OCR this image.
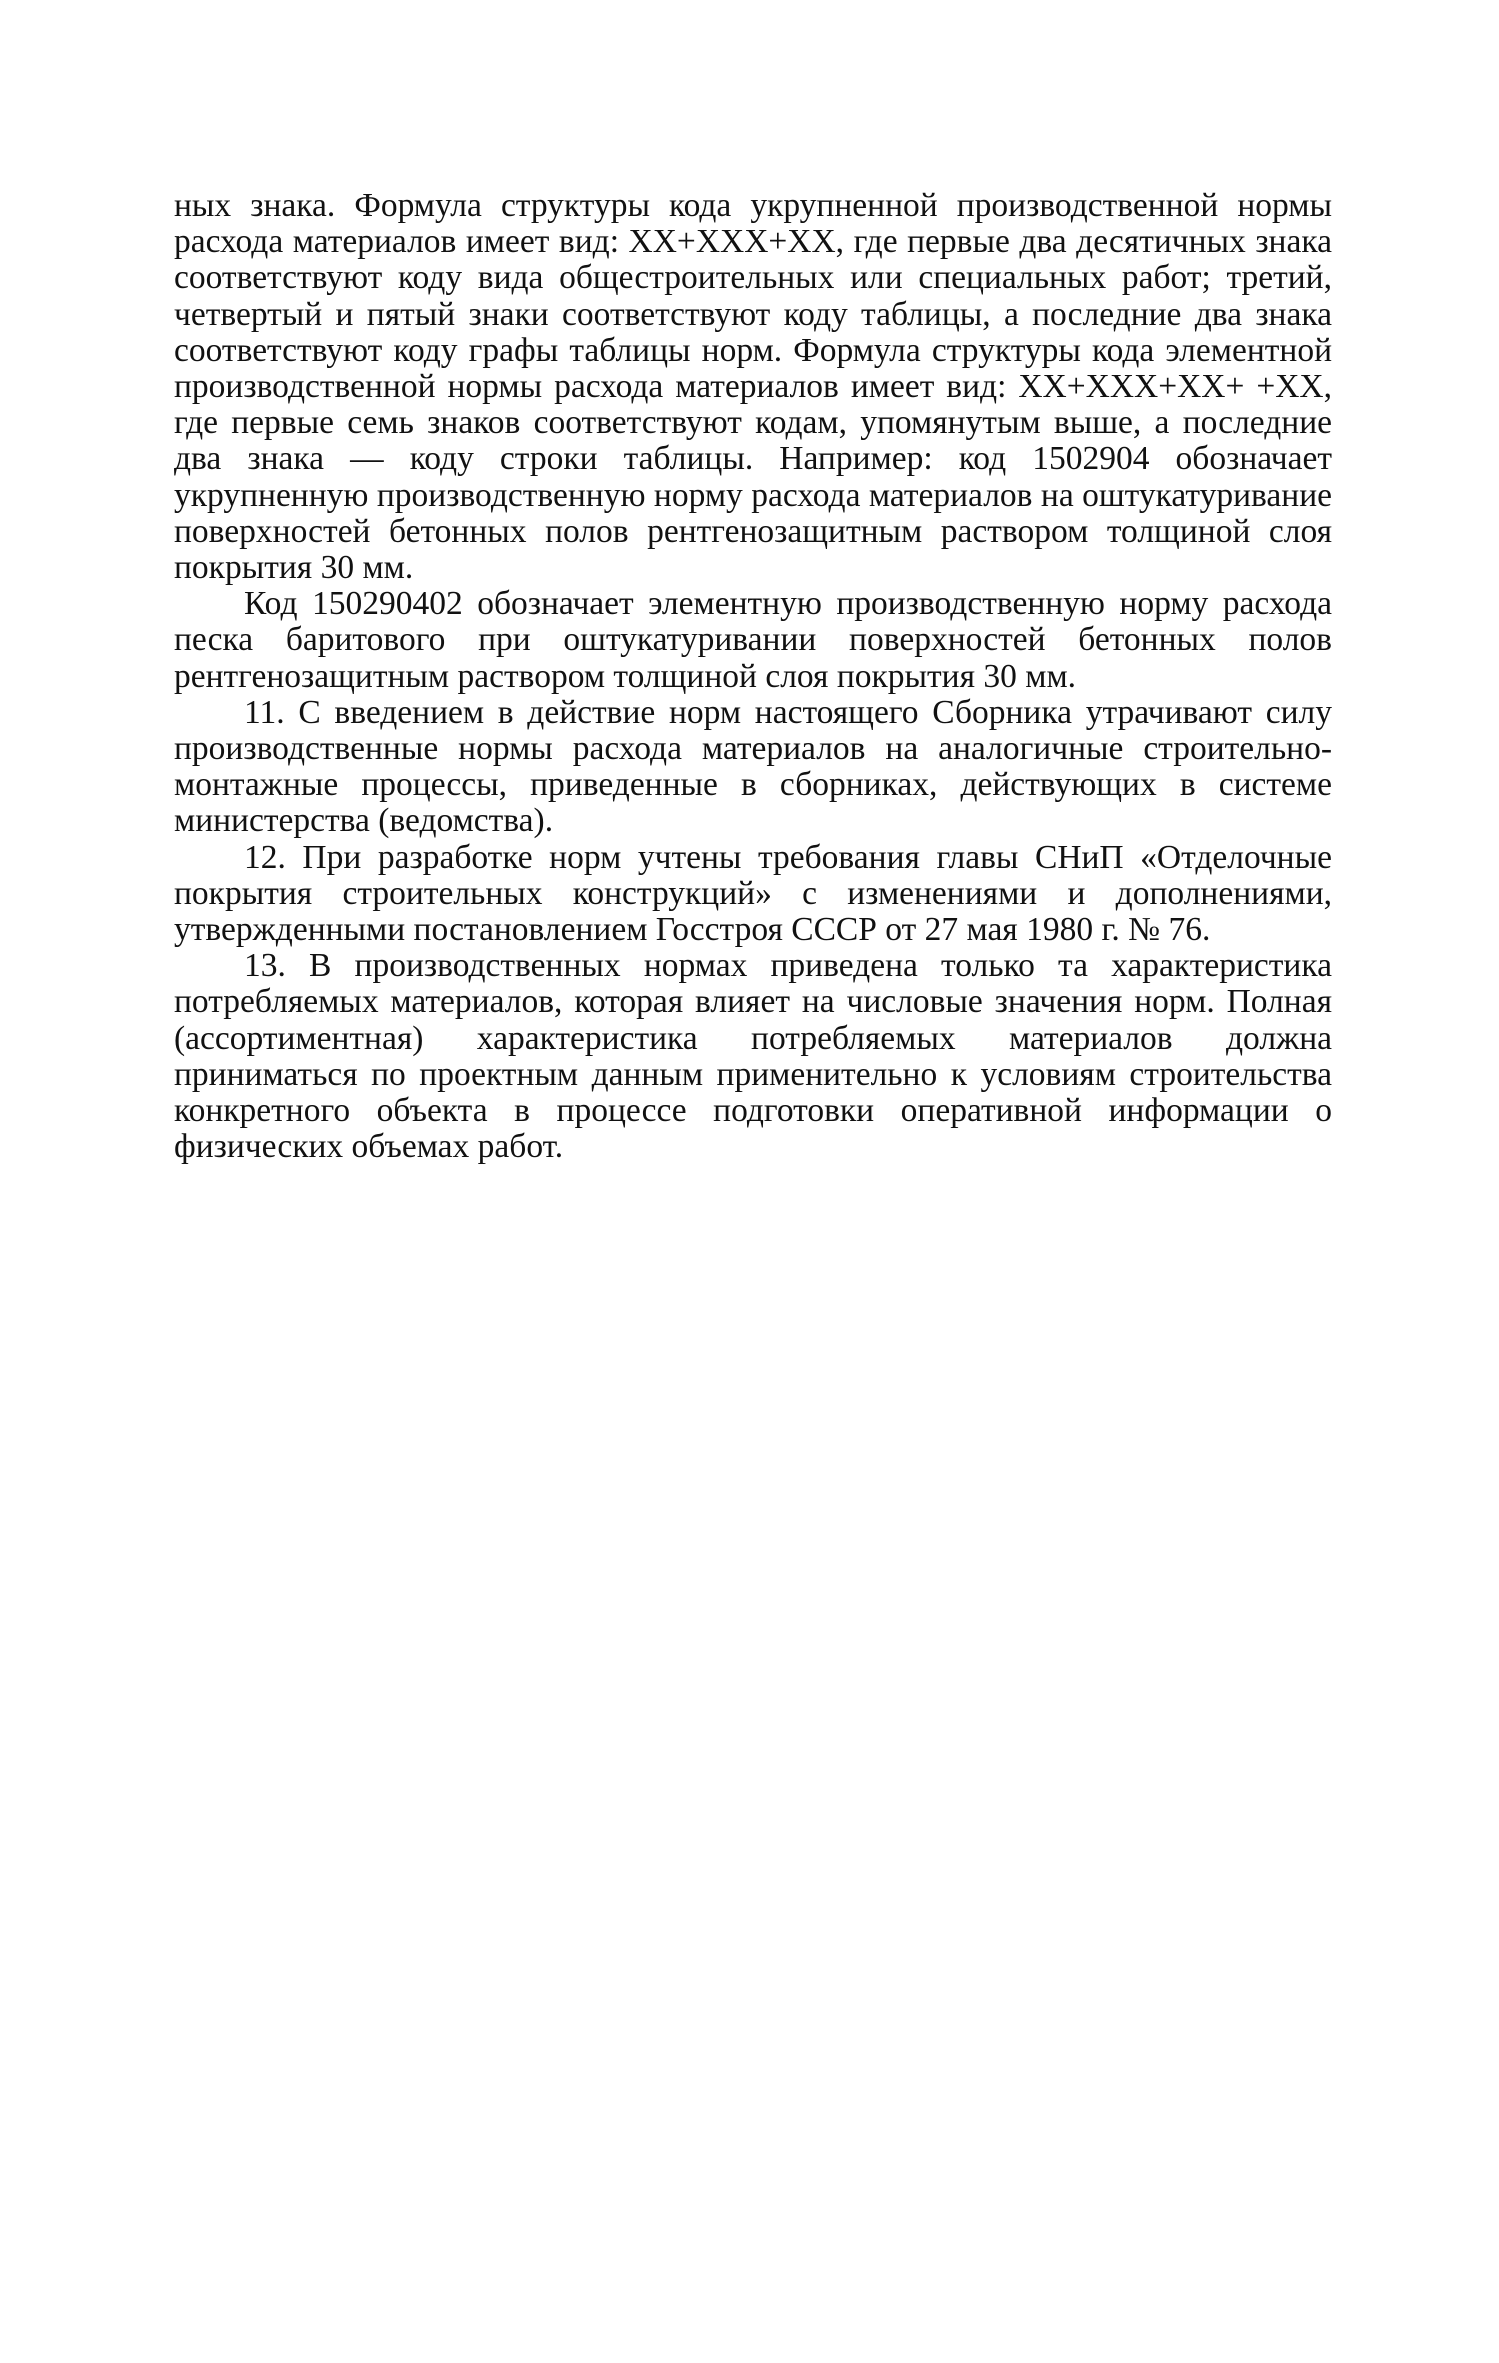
ных знака. Формула структуры кода укрупненной производственной нормы расхода материалов имеет вид: ХХ+ХХХ+ХХ, где первые два десятичных знака соответствуют коду вида общестроительных или специальных работ; третий, четвертый и пятый знаки соответствуют коду таблицы, а последние два знака соответствуют коду графы таблицы норм. Формула структуры кода элементной производственной нормы расхода материалов имеет вид: ХХ+ХХХ+ХХ+ +ХХ, где первые семь знаков соответствуют кодам, упомянутым выше, а последние два знака — коду строки таблицы. Например: код 1502904 обозначает укрупненную производственную норму расхода материалов на оштукатуривание поверхностей бетонных полов рентгенозащитным раствором толщиной слоя покрытия 30 мм.

Код 150290402 обозначает элементную производственную норму расхода песка баритового при оштукатуривании поверхностей бетонных полов рентгенозащитным раствором толщиной слоя покрытия 30 мм.

11. С введением в действие норм настоящего Сборника утрачивают силу производственные нормы расхода материалов на аналогичные строительно-монтажные процессы, приведенные в сборниках, действующих в системе министерства (ведомства).

12. При разработке норм учтены требования главы СНиП «Отделочные покрытия строительных конструкций» с изменениями и дополнениями, утвержденными постановлением Госстроя СССР от 27 мая 1980 г. № 76.

13. В производственных нормах приведена только та характеристика потребляемых материалов, которая влияет на числовые значения норм. Полная (ассортиментная) характеристика потребляемых материалов должна приниматься по проектным данным применительно к условиям строительства конкретного объекта в процессе подготовки оперативной информации о физических объемах работ.
